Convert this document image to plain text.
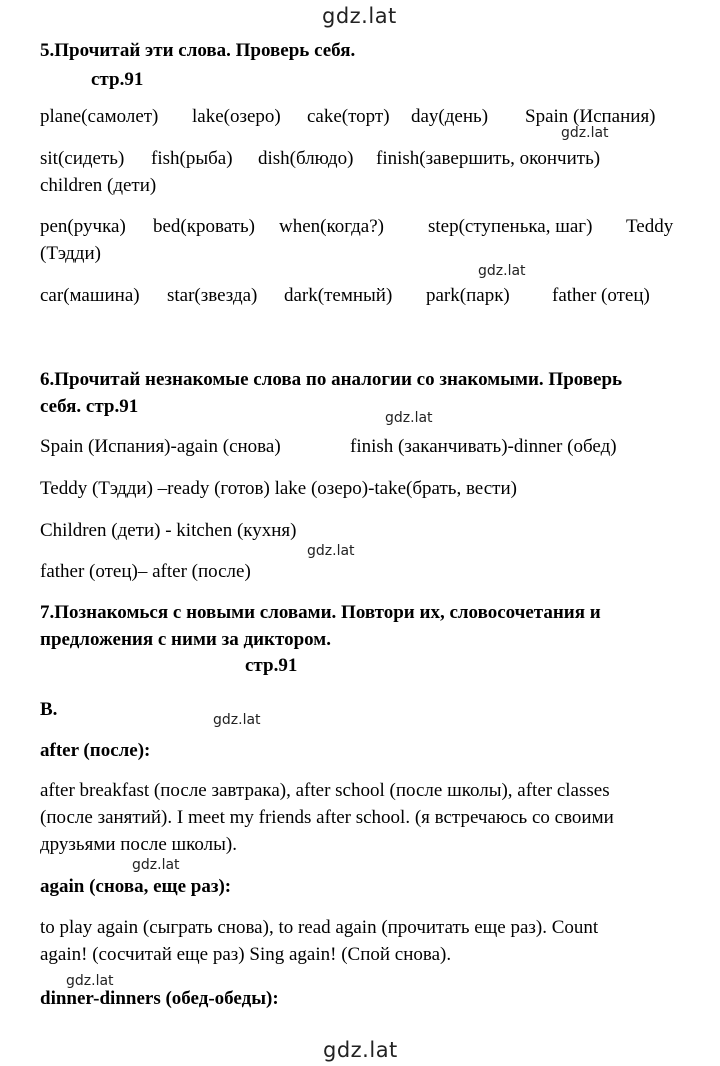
gdz.lat
gdz.lat
gdz.lat
gdz.lat
gdz.lat
gdz.lat
gdz.lat
gdz.lat
gdz.lat
5.Прочитай эти слова. Проверь себя.
стр.91
plane(самолет) lake(озеро) cake(торт) day(день) Spain (Испания)
sit(сидеть) fish(рыба) dish(блюдо) finish(завершить, окончить)
children (дети)
pen(ручка) bed(кровать) when(когда?) step(ступенька, шаг) Teddy
(Тэдди)
car(машина) star(звезда) dark(темный) park(парк) father (отец)
6.Прочитай незнакомые слова по аналогии со знакомыми. Проверь
себя. стр.91
Spain (Испания)-again (снова)	finish (заканчивать)-dinner (обед)
Teddy (Тэдди) –ready (готов) lake (озеро)-take(брать, вести)
Children (дети) - kitchen (кухня)
father (отец)– after (после)
7.Познакомься с новыми словами. Повтори их, словосочетания и
предложения с ними за диктором.
стр.91
B.
after (после):
after breakfast (после завтрака), after school (после школы), after classes
(после занятий). I meet my friends after school. (я встречаюсь со своими
друзьями после школы).
again (снова, еще раз):
to play again (сыграть снова), to read again (прочитать еще раз). Count
again! (сосчитай еще раз) Sing again! (Спой снова).
dinner-dinners (обед-обеды):
